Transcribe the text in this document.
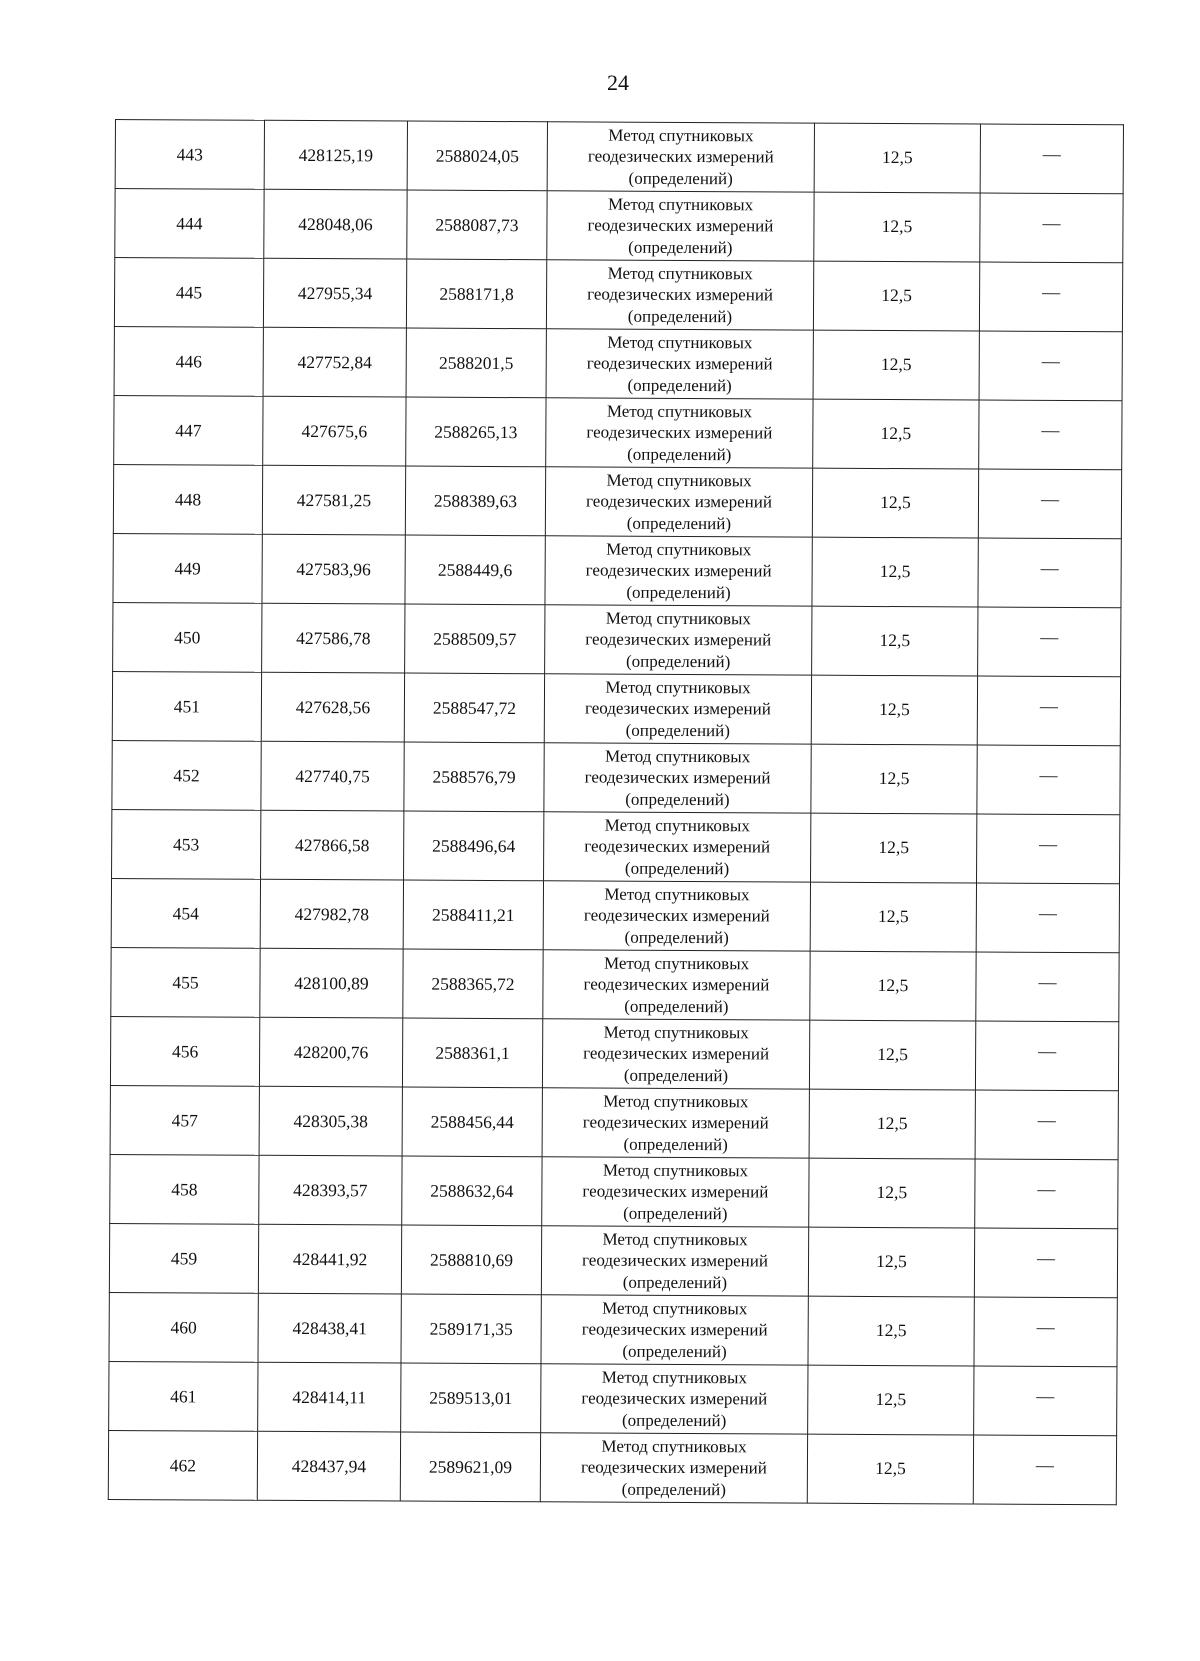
24
443	428125,19	2588024,05	Метод спутниковых
геодезических измерений
(определений)	12,5	—
444	428048,06	2588087,73	Метод спутниковых
геодезических измерений
(определений)	12,5	—
445	427955,34	2588171,8	Метод спутниковых
геодезических измерений
(определений)	12,5	—
446	427752,84	2588201,5	Метод спутниковых
геодезических измерений
(определений)	12,5	—
447	427675,6	2588265,13	Метод спутниковых
геодезических измерений
(определений)	12,5	—
448	427581,25	2588389,63	Метод спутниковых
геодезических измерений
(определений)	12,5	—
449	427583,96	2588449,6	Метод спутниковых
геодезических измерений
(определений)	12,5	—
450	427586,78	2588509,57	Метод спутниковых
геодезических измерений
(определений)	12,5	—
451	427628,56	2588547,72	Метод спутниковых
геодезических измерений
(определений)	12,5	—
452	427740,75	2588576,79	Метод спутниковых
геодезических измерений
(определений)	12,5	—
453	427866,58	2588496,64	Метод спутниковых
геодезических измерений
(определений)	12,5	—
454	427982,78	2588411,21	Метод спутниковых
геодезических измерений
(определений)	12,5	—
455	428100,89	2588365,72	Метод спутниковых
геодезических измерений
(определений)	12,5	—
456	428200,76	2588361,1	Метод спутниковых
геодезических измерений
(определений)	12,5	—
457	428305,38	2588456,44	Метод спутниковых
геодезических измерений
(определений)	12,5	—
458	428393,57	2588632,64	Метод спутниковых
геодезических измерений
(определений)	12,5	—
459	428441,92	2588810,69	Метод спутниковых
геодезических измерений
(определений)	12,5	—
460	428438,41	2589171,35	Метод спутниковых
геодезических измерений
(определений)	12,5	—
461	428414,11	2589513,01	Метод спутниковых
геодезических измерений
(определений)	12,5	—
462	428437,94	2589621,09	Метод спутниковых
геодезических измерений
(определений)	12,5	—
